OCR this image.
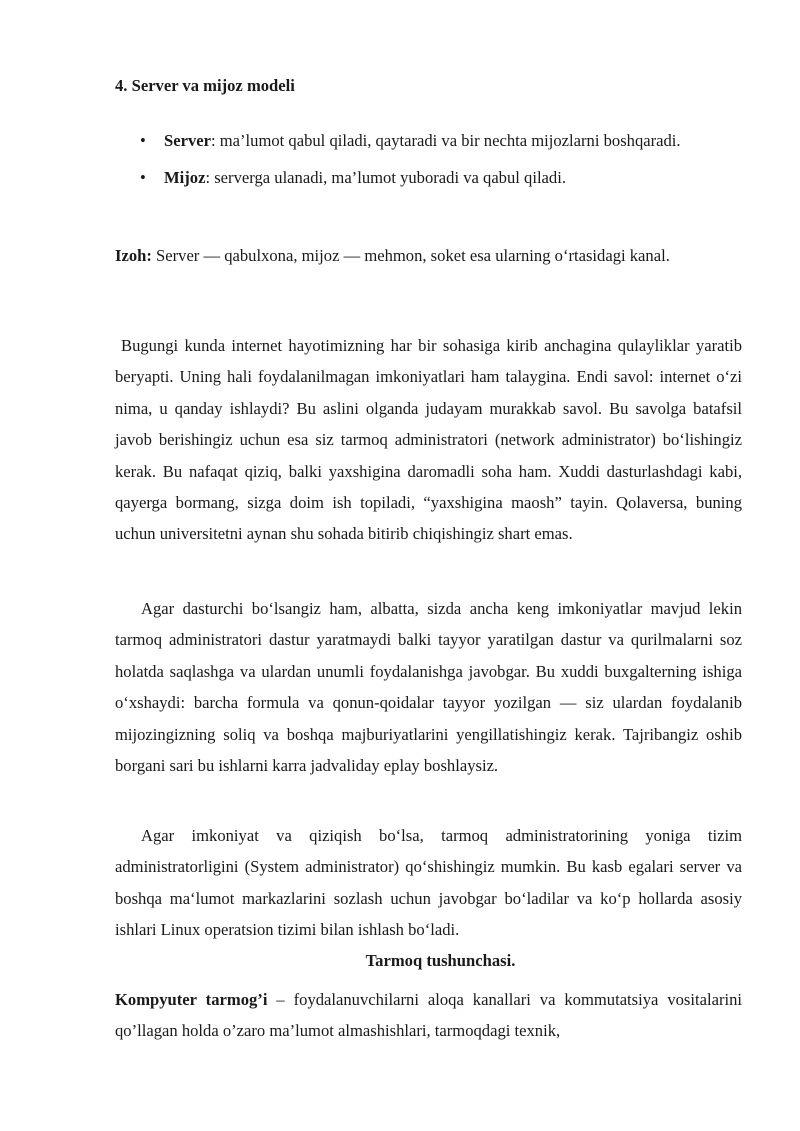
4. Server va mijoz modeli
• Server: ma’lumot qabul qiladi, qaytaradi va bir nechta mijozlarni boshqaradi.
• Mijoz: serverga ulanadi, ma’lumot yuboradi va qabul qiladi.
Izoh: Server — qabulxona, mijoz — mehmon, soket esa ularning o‘rtasidagi kanal.

Bugungi kunda internet hayotimizning har bir sohasiga kirib anchagina qulayliklar yaratib beryapti. Uning hali foydalanilmagan imkoniyatlari ham talaygina. Endi savol: internet o‘zi nima, u qanday ishlaydi? Bu aslini olganda judayam murakkab savol. Bu savolga batafsil javob berishingiz uchun esa siz tarmoq administratori (network administrator) bo‘lishingiz kerak. Bu nafaqat qiziq, balki yaxshigina daromadli soha ham. Xuddi dasturlashdagi kabi, qayerga bormang, sizga doim ish topiladi, “yaxshigina maosh” tayin. Qolaversa, buning uchun universitetni aynan shu sohada bitirib chiqishingiz shart emas.

Agar dasturchi bo‘lsangiz ham, albatta, sizda ancha keng imkoniyatlar mavjud lekin tarmoq administratori dastur yaratmaydi balki tayyor yaratilgan dastur va qurilmalarni soz holatda saqlashga va ulardan unumli foydalanishga javobgar. Bu xuddi buxgalterning ishiga o‘xshaydi: barcha formula va qonun-qoidalar tayyor yozilgan — siz ulardan foydalanib mijozingizning soliq va boshqa majburiyatlarini yengillatishingiz kerak. Tajribangiz oshib borgani sari bu ishlarni karra jadvaliday eplay boshlaysiz.

Agar imkoniyat va qiziqish bo‘lsa, tarmoq administratorining yoniga tizim administratorligini (System administrator) qo‘shishingiz mumkin. Bu kasb egalari server va boshqa ma‘lumot markazlarini sozlash uchun javobgar bo‘ladilar va ko‘p hollarda asosiy ishlari Linux operatsion tizimi bilan ishlash bo‘ladi.

Tarmoq tushunchasi.

Kompyuter tarmog’i – foydalanuvchilarni aloqa kanallari va kommutatsiya vositalarini qo’llagan holda o’zaro ma’lumot almashishlari, tarmoqdagi texnik,
